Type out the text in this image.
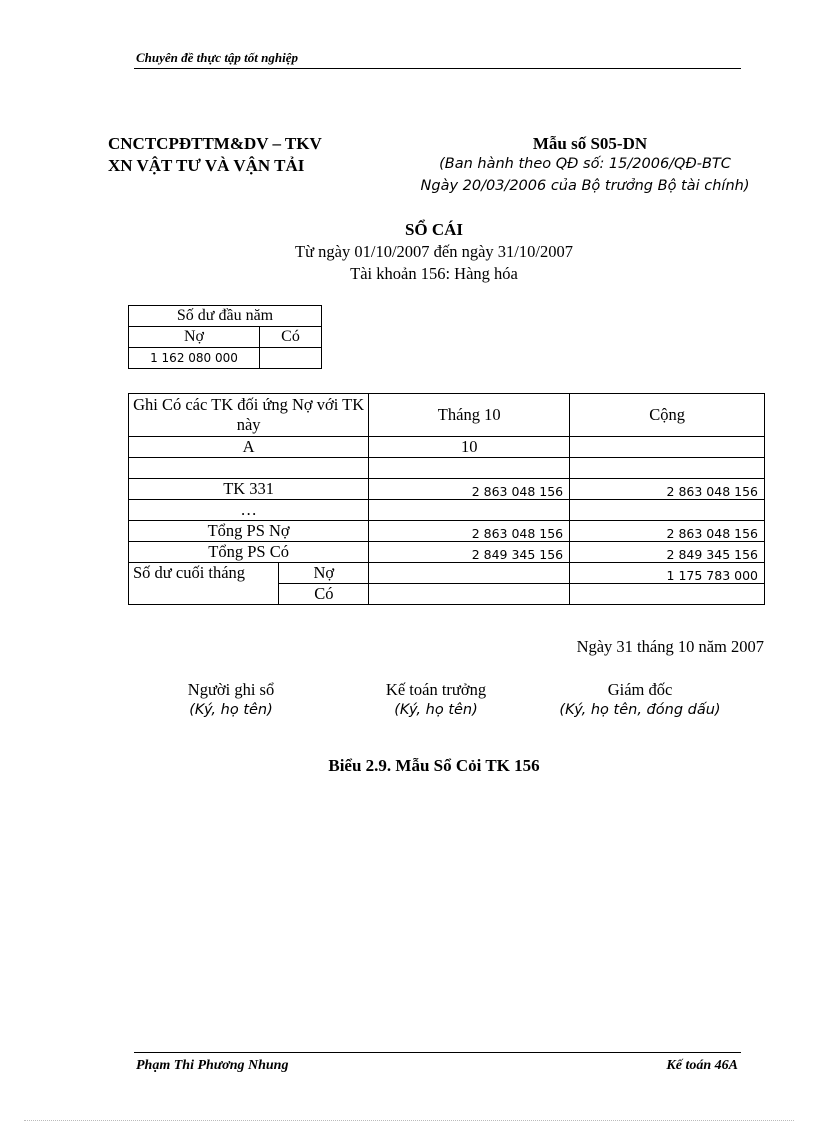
Chuyên đề thực tập tốt nghiệp
CNCTCPĐTTM&DV – TKV
XN VẬT TƯ VÀ VẬN TẢI
Mẫu số S05-DN
(Ban hành theo QĐ số: 15/2006/QĐ-BTC
Ngày 20/03/2006 của Bộ trưởng Bộ tài chính)
SỔ CÁI
Từ ngày 01/10/2007 đến ngày 31/10/2007
Tài khoản 156: Hàng hóa
Số dư đầu năm	
Nợ	Có
1 162 080 000	
Ghi Có các TK đối ứng Nợ với TK này		Tháng 10	Cộng
A		10	

TK 331		2 863 048 156	2 863 048 156
…			
Tổng PS Nợ		2 863 048 156	2 863 048 156
Tổng PS Có		2 849 345 156	2 849 345 156
Số dư cuối tháng	Nợ		1 175 783 000
	Có		
Ngày 31 tháng 10 năm 2007
Người ghi sổ
(Ký, họ tên)
Kế toán trưởng
(Ký, họ tên)
Giám đốc
(Ký, họ tên, đóng dấu)
Biểu 2.9. Mẫu Sổ Cỏi TK 156
Phạm Thi Phương Nhung	Kế toán 46A
